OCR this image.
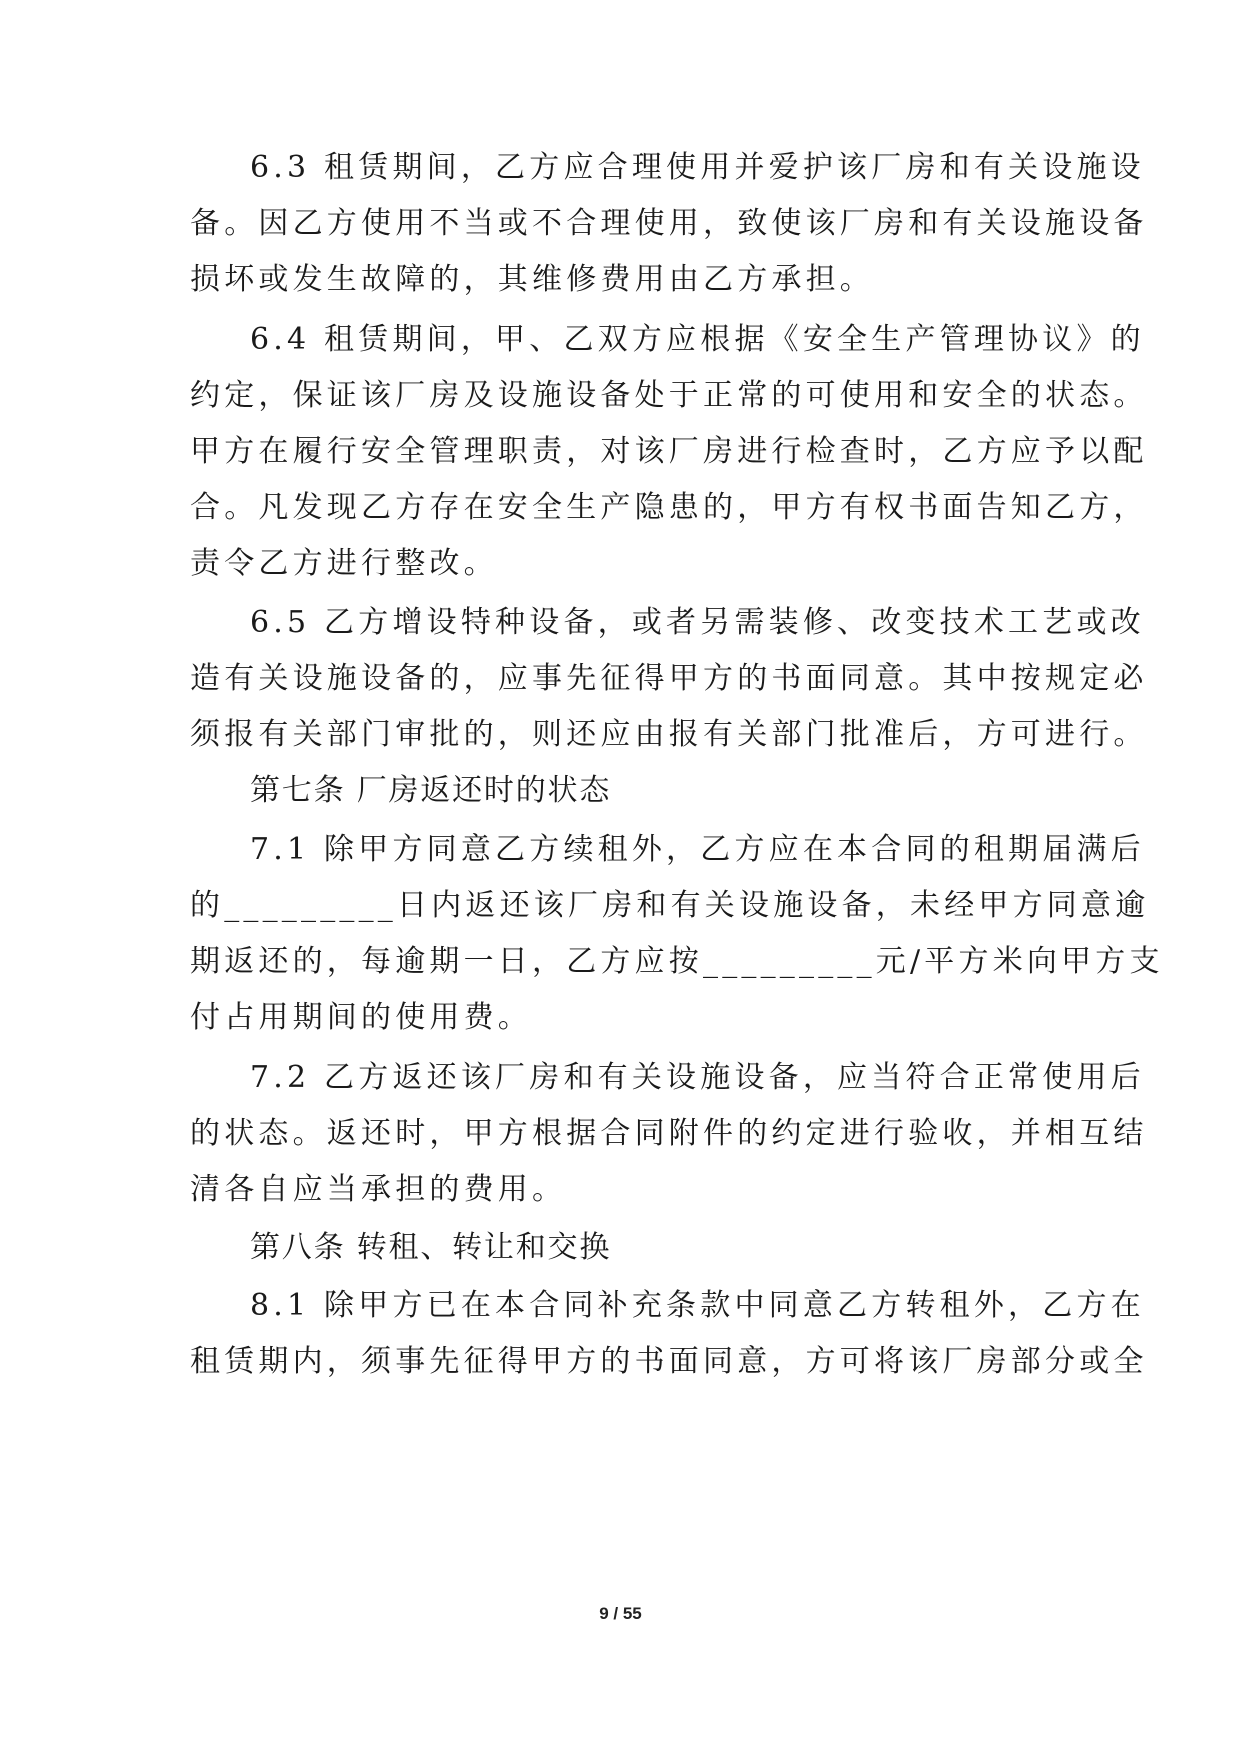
6.3 租赁期间，乙方应合理使用并爱护该厂房和有关设施设
备。因乙方使用不当或不合理使用，致使该厂房和有关设施设备
损坏或发生故障的，其维修费用由乙方承担。
6.4 租赁期间，甲、乙双方应根据《安全生产管理协议》的
约定，保证该厂房及设施设备处于正常的可使用和安全的状态。
甲方在履行安全管理职责，对该厂房进行检查时，乙方应予以配
合。凡发现乙方存在安全生产隐患的，甲方有权书面告知乙方，
责令乙方进行整改。
6.5 乙方增设特种设备，或者另需装修、改变技术工艺或改
造有关设施设备的，应事先征得甲方的书面同意。其中按规定必
须报有关部门审批的，则还应由报有关部门批准后，方可进行。
第七条 厂房返还时的状态
7.1 除甲方同意乙方续租外，乙方应在本合同的租期届满后
的_________日内返还该厂房和有关设施设备，未经甲方同意逾
期返还的，每逾期一日，乙方应按_________元/平方米向甲方支
付占用期间的使用费。
7.2 乙方返还该厂房和有关设施设备，应当符合正常使用后
的状态。返还时，甲方根据合同附件的约定进行验收，并相互结
清各自应当承担的费用。
第八条 转租、转让和交换
8.1 除甲方已在本合同补充条款中同意乙方转租外，乙方在
租赁期内，须事先征得甲方的书面同意，方可将该厂房部分或全
9 / 55
